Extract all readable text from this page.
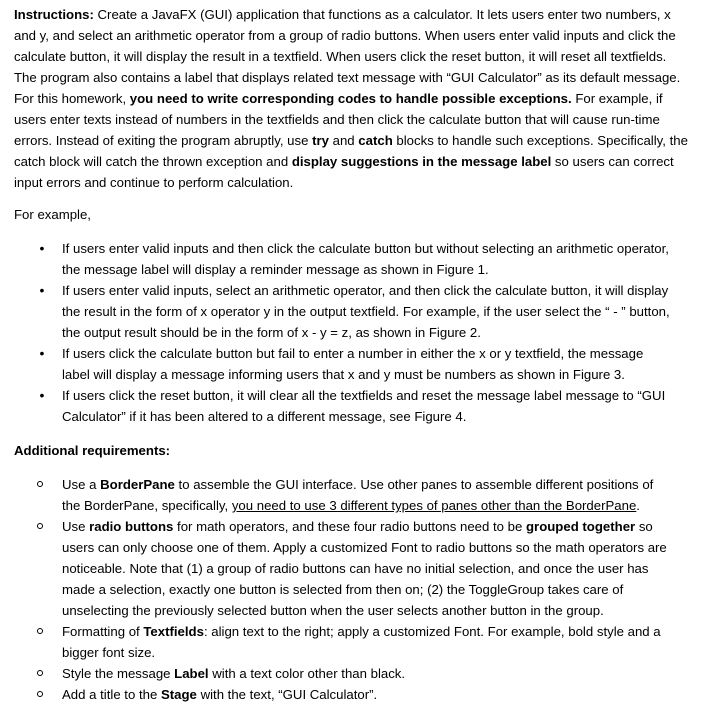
Instructions: Create a JavaFX (GUI) application that functions as a calculator. It lets users enter two numbers, x and y, and select an arithmetic operator from a group of radio buttons. When users enter valid inputs and click the calculate button, it will display the result in a textfield. When users click the reset button, it will reset all textfields. The program also contains a label that displays related text message with “GUI Calculator” as its default message. For this homework, you need to write corresponding codes to handle possible exceptions. For example, if users enter texts instead of numbers in the textfields and then click the calculate button that will cause run-time errors. Instead of exiting the program abruptly, use try and catch blocks to handle such exceptions. Specifically, the catch block will catch the thrown exception and display suggestions in the message label so users can correct input errors and continue to perform calculation.

For example,

• If users enter valid inputs and then click the calculate button but without selecting an arithmetic operator, the message label will display a reminder message as shown in Figure 1.
• If users enter valid inputs, select an arithmetic operator, and then click the calculate button, it will display the result in the form of x operator y in the output textfield. For example, if the user select the “ - ” button, the output result should be in the form of x - y = z, as shown in Figure 2.
• If users click the calculate button but fail to enter a number in either the x or y textfield, the message label will display a message informing users that x and y must be numbers as shown in Figure 3.
• If users click the reset button, it will clear all the textfields and reset the message label message to “GUI Calculator” if it has been altered to a different message, see Figure 4.

Additional requirements:

Use a BorderPane to assemble the GUI interface. Use other panes to assemble different positions of the BorderPane, specifically, you need to use 3 different types of panes other than the BorderPane.
Use radio buttons for math operators, and these four radio buttons need to be grouped together so users can only choose one of them. Apply a customized Font to radio buttons so the math operators are noticeable. Note that (1) a group of radio buttons can have no initial selection, and once the user has made a selection, exactly one button is selected from then on; (2) the ToggleGroup takes care of unselecting the previously selected button when the user selects another button in the group.
Formatting of Textfields: align text to the right; apply a customized Font. For example, bold style and a bigger font size.
Style the message Label with a text color other than black.
Add a title to the Stage with the text, “GUI Calculator”.
